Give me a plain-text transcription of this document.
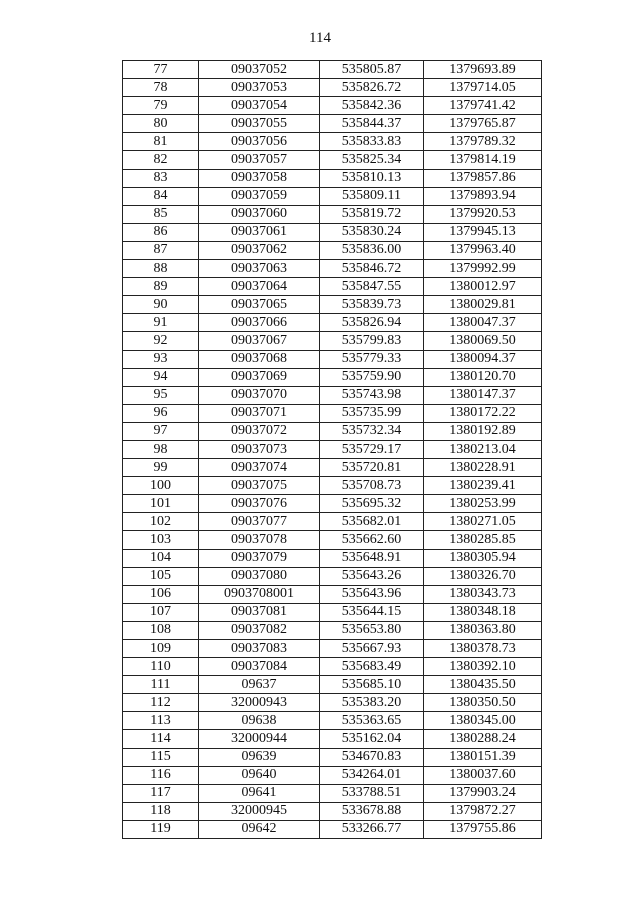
114
77	09037052	535805.87	1379693.89
78	09037053	535826.72	1379714.05
79	09037054	535842.36	1379741.42
80	09037055	535844.37	1379765.87
81	09037056	535833.83	1379789.32
82	09037057	535825.34	1379814.19
83	09037058	535810.13	1379857.86
84	09037059	535809.11	1379893.94
85	09037060	535819.72	1379920.53
86	09037061	535830.24	1379945.13
87	09037062	535836.00	1379963.40
88	09037063	535846.72	1379992.99
89	09037064	535847.55	1380012.97
90	09037065	535839.73	1380029.81
91	09037066	535826.94	1380047.37
92	09037067	535799.83	1380069.50
93	09037068	535779.33	1380094.37
94	09037069	535759.90	1380120.70
95	09037070	535743.98	1380147.37
96	09037071	535735.99	1380172.22
97	09037072	535732.34	1380192.89
98	09037073	535729.17	1380213.04
99	09037074	535720.81	1380228.91
100	09037075	535708.73	1380239.41
101	09037076	535695.32	1380253.99
102	09037077	535682.01	1380271.05
103	09037078	535662.60	1380285.85
104	09037079	535648.91	1380305.94
105	09037080	535643.26	1380326.70
106	0903708001	535643.96	1380343.73
107	09037081	535644.15	1380348.18
108	09037082	535653.80	1380363.80
109	09037083	535667.93	1380378.73
110	09037084	535683.49	1380392.10
111	09637	535685.10	1380435.50
112	32000943	535383.20	1380350.50
113	09638	535363.65	1380345.00
114	32000944	535162.04	1380288.24
115	09639	534670.83	1380151.39
116	09640	534264.01	1380037.60
117	09641	533788.51	1379903.24
118	32000945	533678.88	1379872.27
119	09642	533266.77	1379755.86
